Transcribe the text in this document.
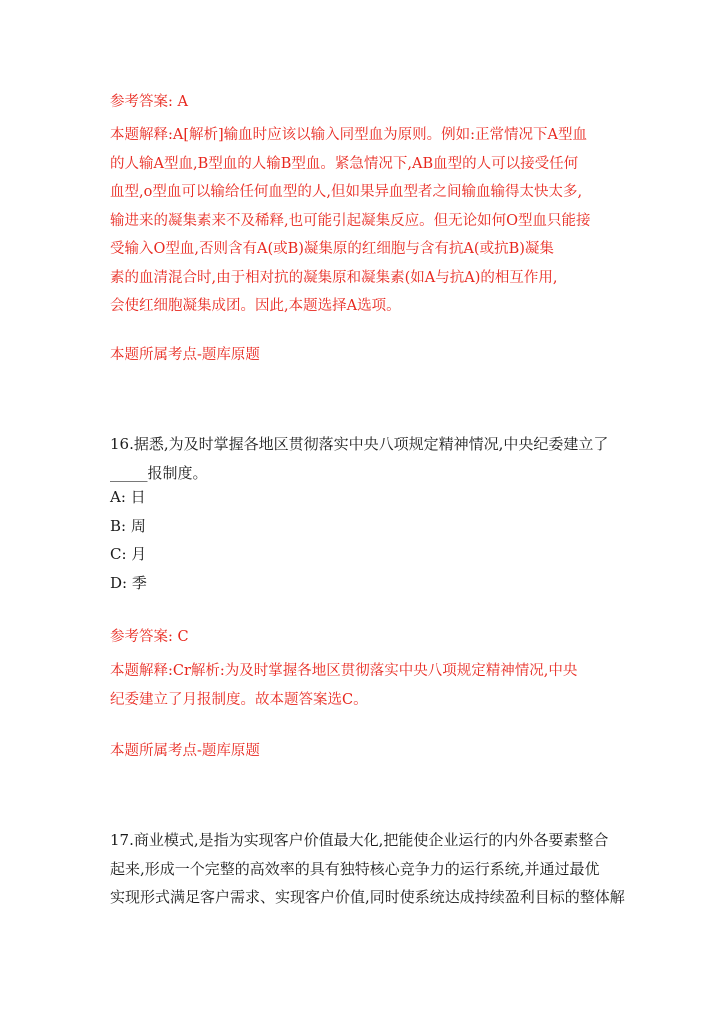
参考答案: A
本题解释:A[解析]输血时应该以输入同型血为原则。例如:正常情况下A型血
的人输A型血,B型血的人输B型血。紧急情况下,AB血型的人可以接受任何
血型,o型血可以输给任何血型的人,但如果异血型者之间输血输得太快太多,
输进来的凝集素来不及稀释,也可能引起凝集反应。但无论如何O型血只能接
受输入O型血,否则含有A(或B)凝集原的红细胞与含有抗A(或抗B)凝集
素的血清混合时,由于相对抗的凝集原和凝集素(如A与抗A)的相互作用,
会使红细胞凝集成团。因此,本题选择A选项。
本题所属考点-题库原题
16.据悉,为及时掌握各地区贯彻落实中央八项规定精神情况,中央纪委建立了
_____报制度。
A: 日
B: 周
C: 月
D: 季
参考答案: C
本题解释:Cr解析:为及时掌握各地区贯彻落实中央八项规定精神情况,中央
纪委建立了月报制度。故本题答案选C。
本题所属考点-题库原题
17.商业模式,是指为实现客户价值最大化,把能使企业运行的内外各要素整合
起来,形成一个完整的高效率的具有独特核心竞争力的运行系统,并通过最优
实现形式满足客户需求、实现客户价值,同时使系统达成持续盈利目标的整体解
